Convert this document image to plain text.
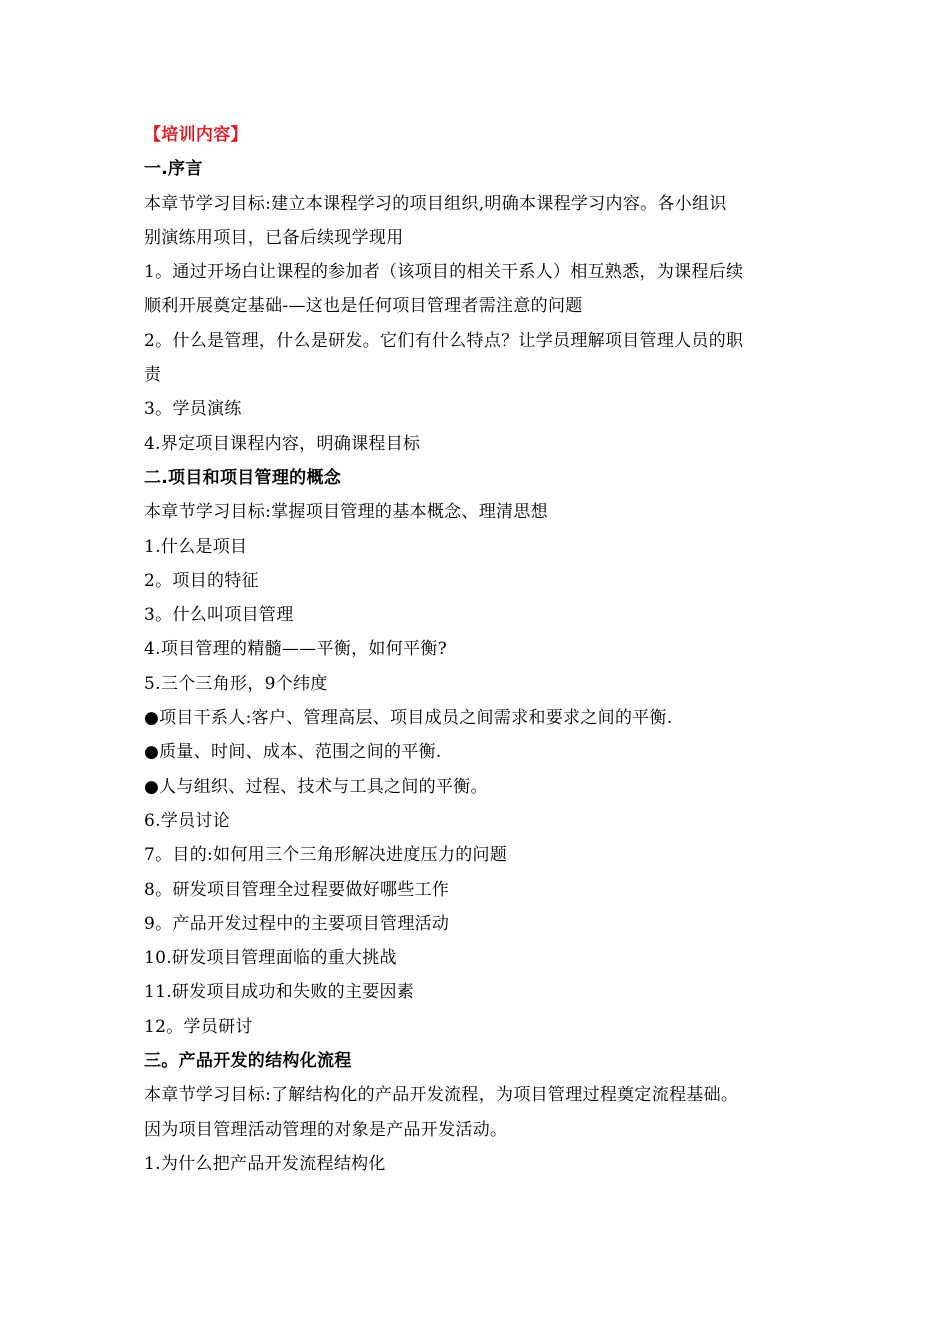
【培训内容】
一.序言
本章节学习目标:建立本课程学习的项目组织,明确本课程学习内容。各小组识
别演练用项目，已备后续现学现用
1。通过开场白让课程的参加者（该项目的相关干系人）相互熟悉，为课程后续
顺利开展奠定基础-—这也是任何项目管理者需注意的问题
2。什么是管理，什么是研发。它们有什么特点？让学员理解项目管理人员的职
责
3。学员演练
4.界定项目课程内容，明确课程目标
二.项目和项目管理的概念
本章节学习目标:掌握项目管理的基本概念、理清思想
1.什么是项目
2。项目的特征
3。什么叫项目管理
4.项目管理的精髓——平衡，如何平衡?
5.三个三角形，9个纬度
●项目干系人:客户、管理高层、项目成员之间需求和要求之间的平衡.
●质量、时间、成本、范围之间的平衡.
●人与组织、过程、技术与工具之间的平衡。
6.学员讨论
7。目的:如何用三个三角形解决进度压力的问题
8。研发项目管理全过程要做好哪些工作
9。产品开发过程中的主要项目管理活动
10.研发项目管理面临的重大挑战
11.研发项目成功和失败的主要因素
12。学员研讨
三。产品开发的结构化流程
本章节学习目标:了解结构化的产品开发流程，为项目管理过程奠定流程基础。
因为项目管理活动管理的对象是产品开发活动。
1.为什么把产品开发流程结构化
